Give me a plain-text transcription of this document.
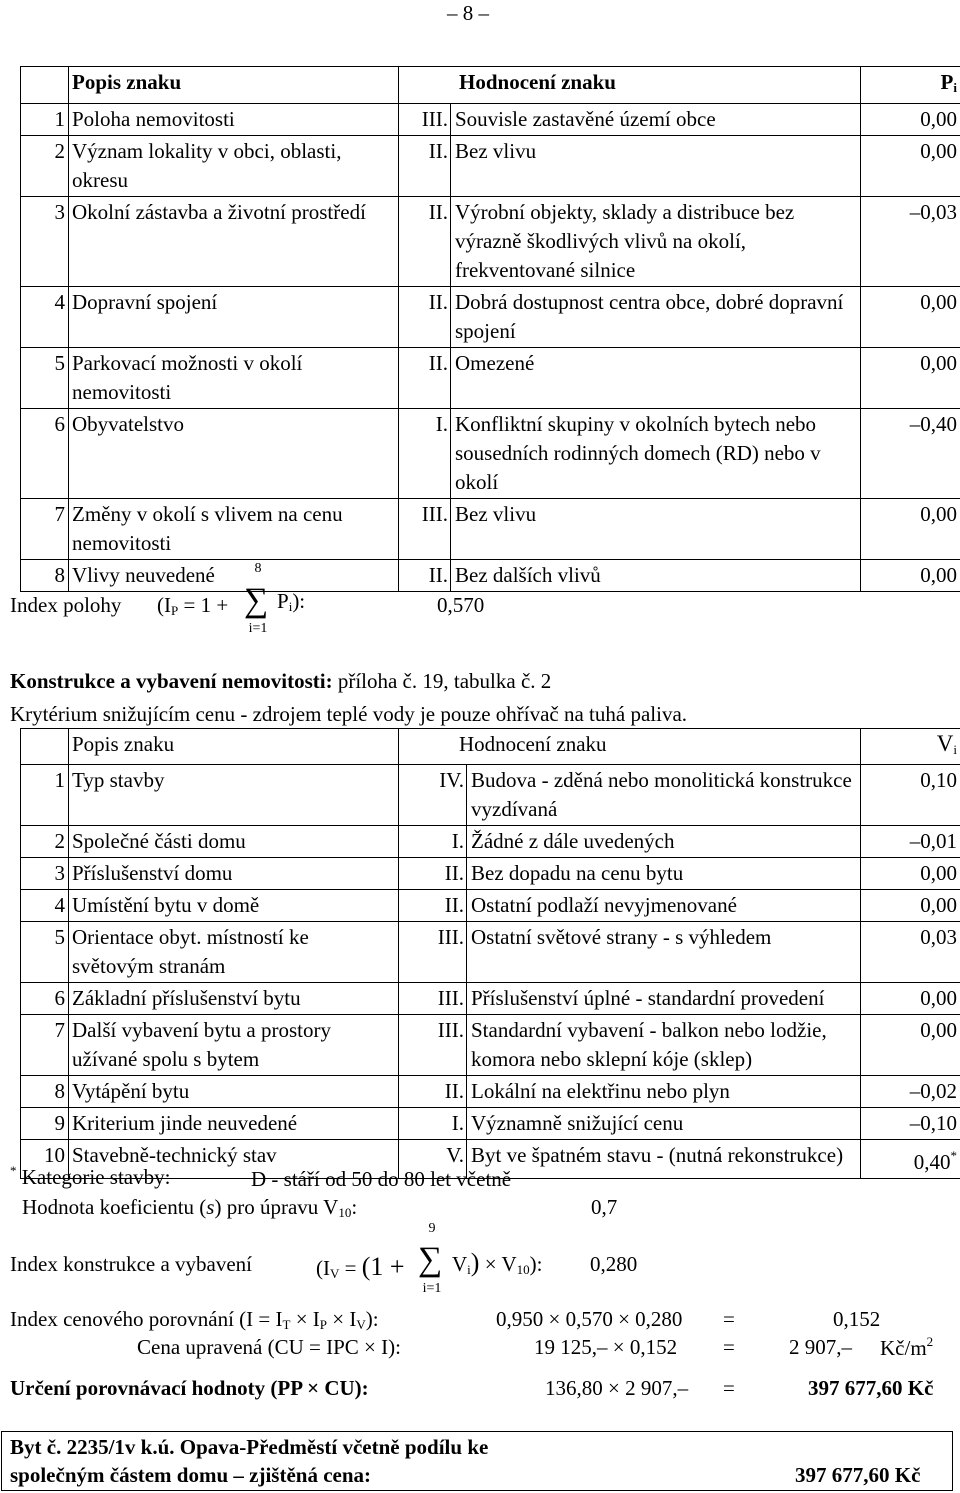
– 8 –
	Popis znaku	Hodnocení znaku		$P_i$
1	Poloha nemovitosti	III.	Souvisle zastavěné území obce	0,00
2	Význam lokality v obci, oblasti, okresu	II.	Bez vlivu	0,00
3	Okolní zástavba a životní prostředí	II.	Výrobní objekty, sklady a distribuce bez výrazně škodlivých vlivů na okolí, frekventované silnice	–0,03
4	Dopravní spojení	II.	Dobrá dostupnost centra obce, dobré dopravní spojení	0,00
5	Parkovací možnosti v okolí nemovitosti	II.	Omezené	0,00
6	Obyvatelstvo	I.	Konfliktní skupiny v okolních bytech nebo sousedních rodinných domech (RD) nebo v okolí	–0,40
7	Změny v okolí s vlivem na cenu nemovitosti	III.	Bez vlivu	0,00
8	Vlivy neuvedené	II.	Bez dalších vlivů	0,00
Index polohy ($I_P = 1$ +
8
∑
i=1
$P_i$):	0,570
Konstrukce a vybavení nemovitosti: příloha č. 19, tabulka č. 2
Krytérium snižujícím cenu - zdrojem teplé vody je pouze ohřívač na tuhá paliva.
	Popis znaku	Hodnocení znaku		$V_i$
1	Typ stavby	IV.	Budova - zděná nebo monolitická konstrukce vyzdívaná	0,10
2	Společné části domu	I.	Žádné z dále uvedených	–0,01
3	Příslušenství domu	II.	Bez dopadu na cenu bytu	0,00
4	Umístění bytu v domě	II.	Ostatní podlaží nevyjmenované	0,00
5	Orientace obyt. místností ke světovým stranám	III.	Ostatní světové strany - s výhledem	0,03
6	Základní příslušenství bytu	III.	Příslušenství úplné - standardní provedení	0,00
7	Další vybavení bytu a prostory užívané spolu s bytem	III.	Standardní vybavení - balkon nebo lodžie, komora nebo sklepní kóje (sklep)	0,00
8	Vytápění bytu	II.	Lokální na elektřinu nebo plyn	–0,02
9	Kriterium jinde neuvedené	I.	Významně snižující cenu	–0,10
10	Stavebně-technický stav	V.	Byt ve špatném stavu - (nutná rekonstrukce)	0,40*
* Kategorie stavby:	D - stáří od 50 do 80 let včetně
Hodnota koeficientu (s) pro úpravu $V_{10}$:	0,7
Index konstrukce a vybavení	($I_V = (1$ +
9
∑
i=1
$V_i) \times V_{10}$): 0,280
Index cenového porovnání $(I = I_T \times I_P \times I_V)$:	0,950 × 0,570 × 0,280 =	0,152
Cena upravená (CU = IPC × I):	19 125,– × 0,152 =	2 907,– $Kč/m^2$
Určení porovnávací hodnoty (PP × CU):	136,80 × 2 907,– =	397 677,60 Kč
Byt č. 2235/1v k.ú. Opava-Předměstí včetně podílu ke
společným částem domu – zjištěná cena:	397 677,60 Kč
